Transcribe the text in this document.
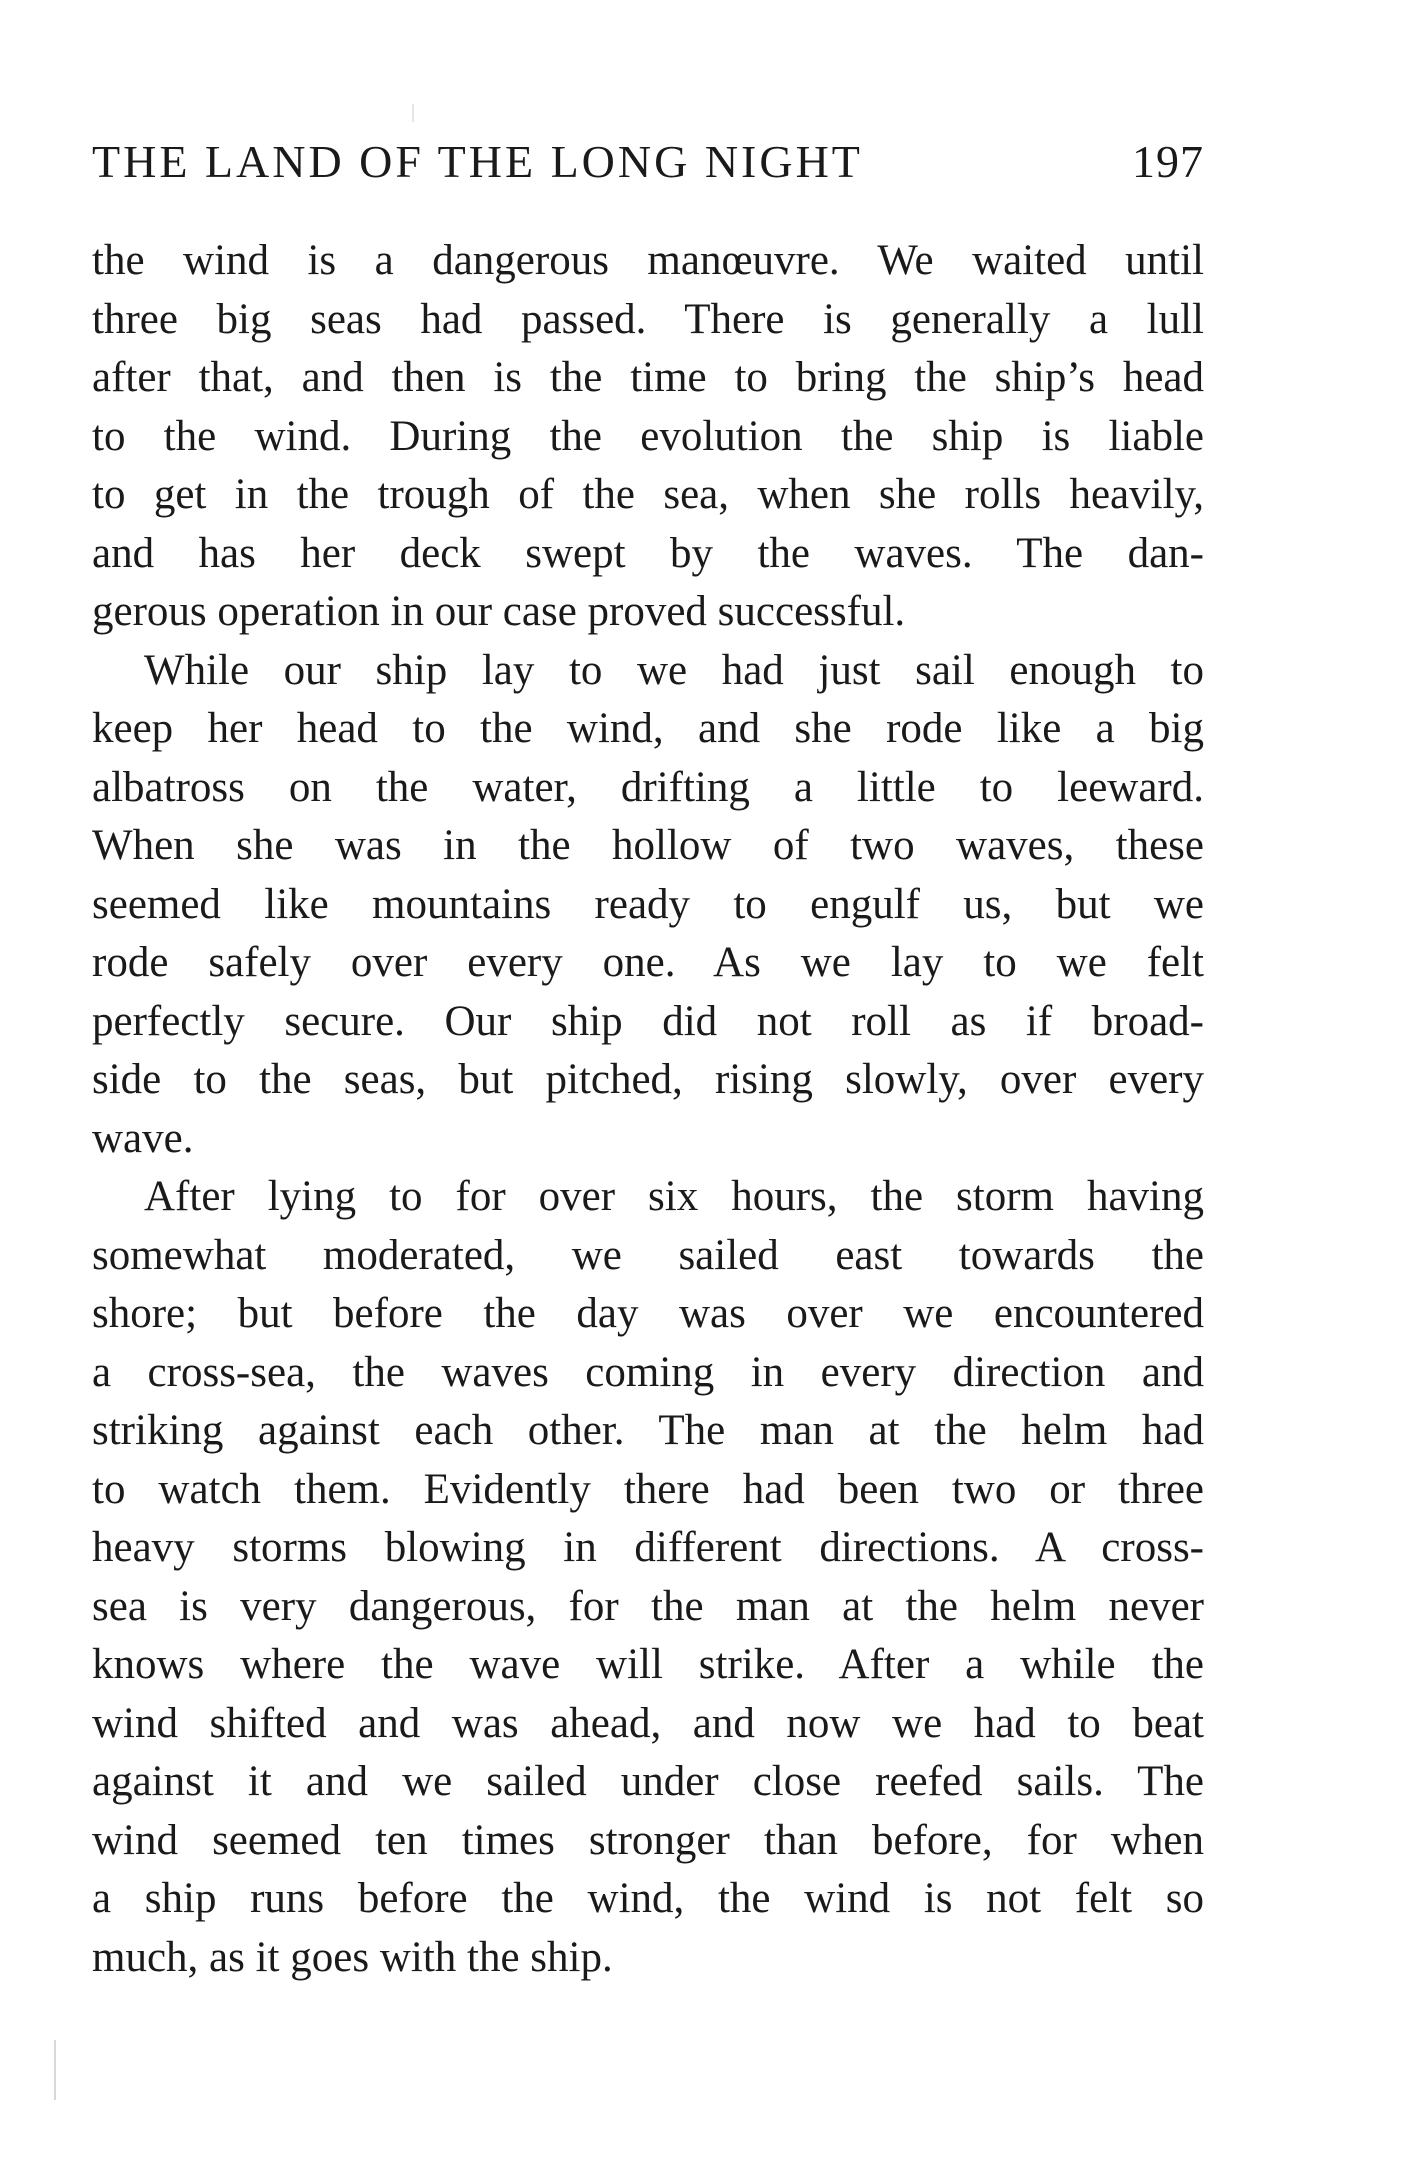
THE LAND OF THE LONG NIGHT	197
the wind is a dangerous manœuvre. We waited until
three big seas had passed. There is generally a lull
after that, and then is the time to bring the ship’s head
to the wind. During the evolution the ship is liable
to get in the trough of the sea, when she rolls heavily,
and has her deck swept by the waves. The dan-
gerous operation in our case proved successful.
While our ship lay to we had just sail enough to
keep her head to the wind, and she rode like a big
albatross on the water, drifting a little to leeward.
When she was in the hollow of two waves, these
seemed like mountains ready to engulf us, but we
rode safely over every one. As we lay to we felt
perfectly secure. Our ship did not roll as if broad-
side to the seas, but pitched, rising slowly, over every
wave.
After lying to for over six hours, the storm having
somewhat moderated, we sailed east towards the
shore; but before the day was over we encountered
a cross-sea, the waves coming in every direction and
striking against each other. The man at the helm had
to watch them. Evidently there had been two or three
heavy storms blowing in different directions. A cross-
sea is very dangerous, for the man at the helm never
knows where the wave will strike. After a while the
wind shifted and was ahead, and now we had to beat
against it and we sailed under close reefed sails. The
wind seemed ten times stronger than before, for when
a ship runs before the wind, the wind is not felt so
much, as it goes with the ship.
